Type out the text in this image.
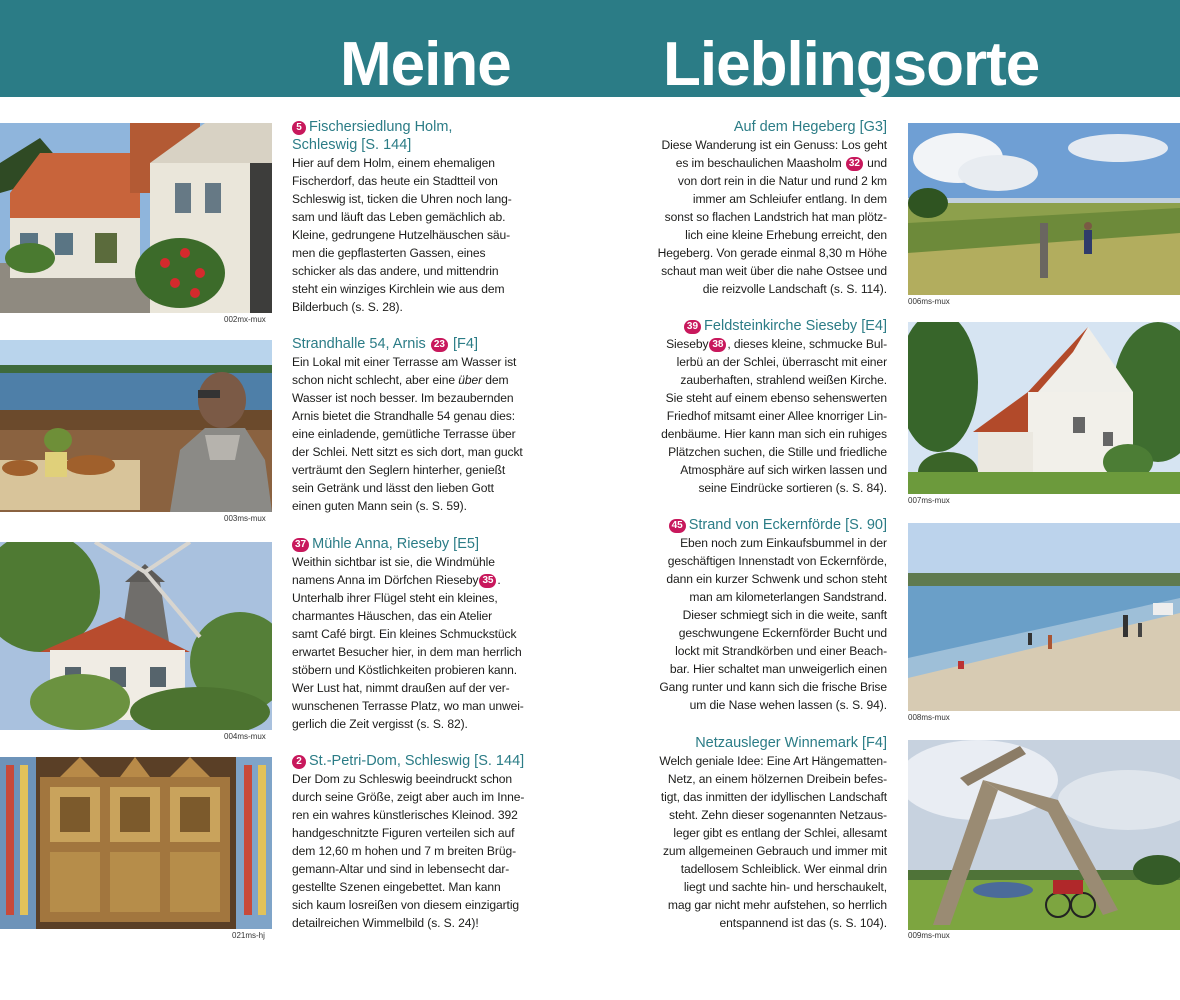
Meine Lieblingsorte
002mx-mux
003ms-mux
004ms-mux
021ms-hj
5 Fischersiedlung Holm,
Schleswig [S. 144]

Hier auf dem Holm, einem ehemaligen
Fischerdorf, das heute ein Stadtteil von
Schleswig ist, ticken die Uhren noch lang-
sam und läuft das Leben gemächlich ab.
Kleine, gedrungene Hutzelhäuschen säu-
men die gepflasterten Gassen, eines
schicker als das andere, und mittendrin
steht ein winziges Kirchlein wie aus dem
Bilderbuch (s. S. 28).

Strandhalle 54, Arnis 23 [F4]

Ein Lokal mit einer Terrasse am Wasser ist
schon nicht schlecht, aber eine über dem
Wasser ist noch besser. Im bezaubernden
Arnis bietet die Strandhalle 54 genau dies:
eine einladende, gemütliche Terrasse über
der Schlei. Nett sitzt es sich dort, man guckt
verträumt den Seglern hinterher, genießt
sein Getränk und lässt den lieben Gott
einen guten Mann sein (s. S. 59).

37 Mühle Anna, Rieseby [E5]

Weithin sichtbar ist sie, die Windmühle
namens Anna im Dörfchen Rieseby 35 .
Unterhalb ihrer Flügel steht ein kleines,
charmantes Häuschen, das ein Atelier
samt Café birgt. Ein kleines Schmuckstück
erwartet Besucher hier, in dem man herrlich
stöbern und Köstlichkeiten probieren kann.
Wer Lust hat, nimmt draußen auf der ver-
wunschenen Terrasse Platz, wo man unwei-
gerlich die Zeit vergisst (s. S. 82).

2 St.-Petri-Dom, Schleswig [S. 144]

Der Dom zu Schleswig beeindruckt schon
durch seine Größe, zeigt aber auch im Inne-
ren ein wahres künstlerisches Kleinod. 392
handgeschnitzte Figuren verteilen sich auf
dem 12,60 m hohen und 7 m breiten Brüg-
gemann-Altar und sind in lebensecht dar-
gestellte Szenen eingebettet. Man kann
sich kaum losreißen von diesem einzigartig
detailreichen Wimmelbild (s. S. 24)!

Auf dem Hegeberg [G3]

Diese Wanderung ist ein Genuss: Los geht
es im beschaulichen Maasholm 32 und
von dort rein in die Natur und rund 2 km
immer am Schleiufer entlang. In dem
sonst so flachen Landstrich hat man plötz-
lich eine kleine Erhebung erreicht, den
Hegeberg. Von gerade einmal 8,30 m Höhe
schaut man weit über die nahe Ostsee und
die reizvolle Landschaft (s. S. 114).

39 Feldsteinkirche Sieseby [E4]

Sieseby 38 , dieses kleine, schmucke Bul-
lerbü an der Schlei, überrascht mit einer
zauberhaften, strahlend weißen Kirche.
Sie steht auf einem ebenso sehenswerten
Friedhof mitsamt einer Allee knorriger Lin-
denbäume. Hier kann man sich ein ruhiges
Plätzchen suchen, die Stille und friedliche
Atmosphäre auf sich wirken lassen und
seine Eindrücke sortieren (s. S. 84).

45 Strand von Eckernförde [S. 90]

Eben noch zum Einkaufsbummel in der
geschäftigen Innenstadt von Eckernförde,
dann ein kurzer Schwenk und schon steht
man am kilometerlangen Sandstrand.
Dieser schmiegt sich in die weite, sanft
geschwungene Eckernförder Bucht und
lockt mit Strandkörben und einer Beach-
bar. Hier schaltet man unweigerlich einen
Gang runter und kann sich die frische Brise
um die Nase wehen lassen (s. S. 94).

Netzausleger Winnemark [F4]

Welch geniale Idee: Eine Art Hängematten-
Netz, an einem hölzernen Dreibein befes-
tigt, das inmitten der idyllischen Landschaft
steht. Zehn dieser sogenannten Netzaus-
leger gibt es entlang der Schlei, allesamt
zum allgemeinen Gebrauch und immer mit
tadellosem Schleiblick. Wer einmal drin
liegt und sachte hin- und herschaukelt,
mag gar nicht mehr aufstehen, so herrlich
entspannend ist das (s. S. 104).

006ms-mux
007ms-mux
008ms-mux
009ms-mux
